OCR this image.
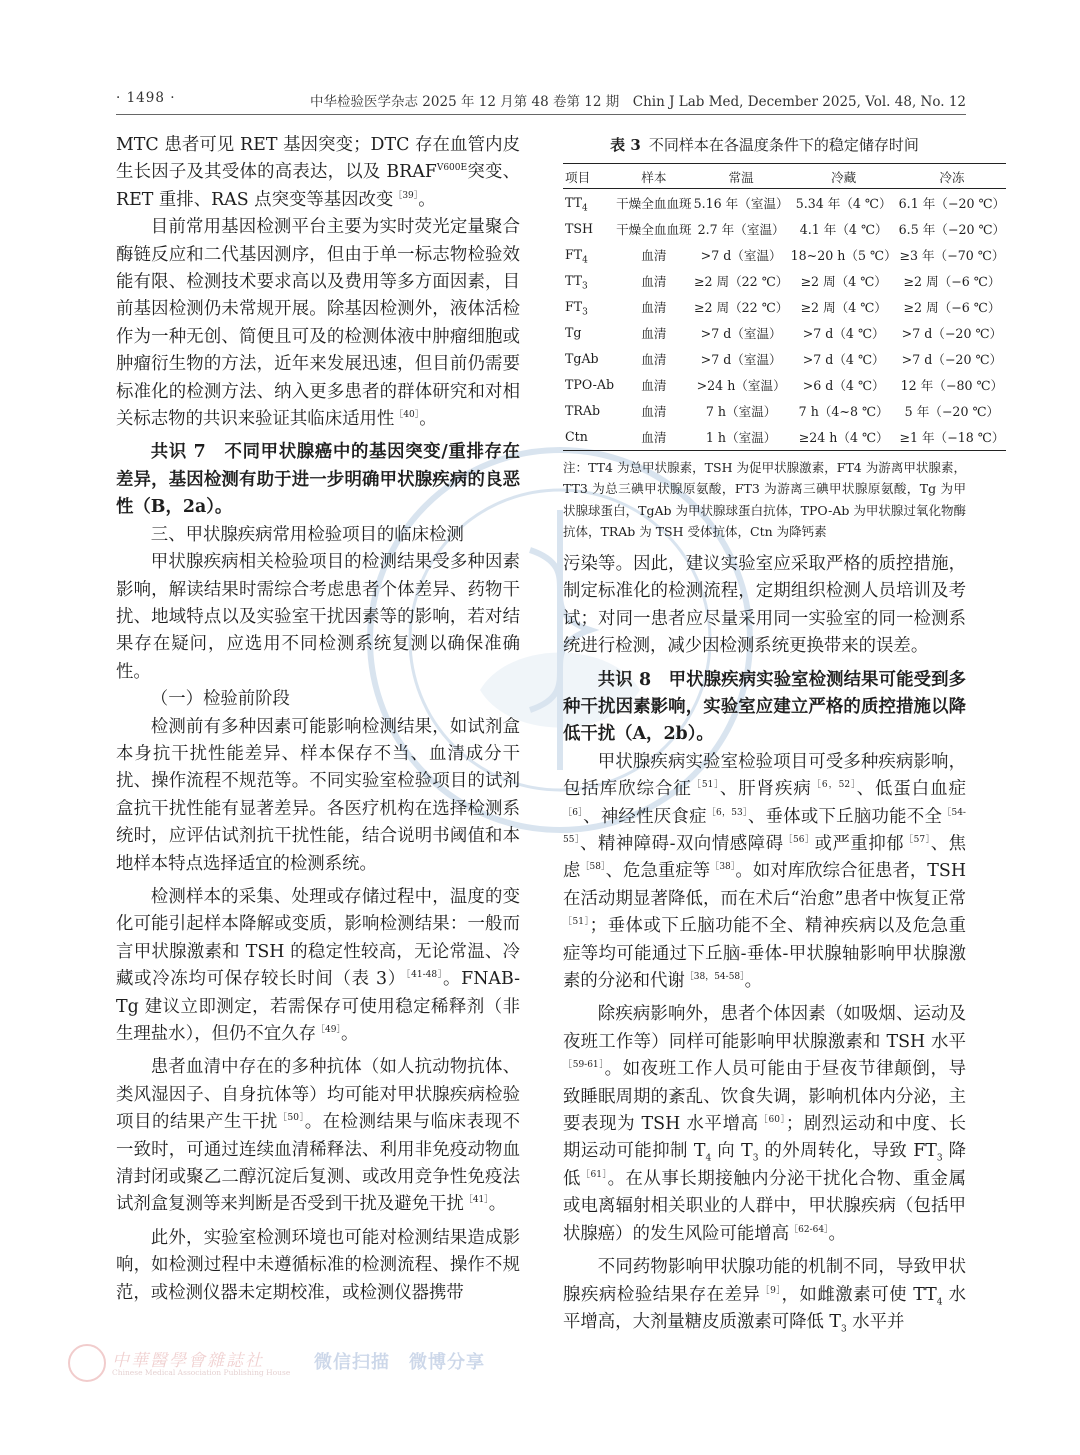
· 1498 ·	中华检验医学杂志 2025 年 12 月第 48 卷第 12 期　Chin J Lab Med, December 2025, Vol. 48, No. 12

MTC 患者可见 RET 基因突变；DTC 存在血管内皮生长因子及其受体的高表达，以及 $BRAF^{V600E}$突变、RET 重排、RAS 点突变等基因改变$^{[39]}$。

目前常用基因检测平台主要为实时荧光定量聚合酶链反应和二代基因测序，但由于单一标志物检验效能有限、检测技术要求高以及费用等多方面因素，目前基因检测仍未常规开展。除基因检测外，液体活检作为一种无创、简便且可及的检测体液中肿瘤细胞或肿瘤衍生物的方法，近年来发展迅速，但目前仍需要标准化的检测方法、纳入更多患者的群体研究和对相关标志物的共识来验证其临床适用性$^{[40]}$。

共识 7　不同甲状腺癌中的基因突变/重排存在差异，基因检测有助于进一步明确甲状腺疾病的良恶性（B，2a）。

三、甲状腺疾病常用检验项目的临床检测

甲状腺疾病相关检验项目的检测结果受多种因素影响，解读结果时需综合考虑患者个体差异、药物干扰、地域特点以及实验室干扰因素等的影响，若对结果存在疑问，应选用不同检测系统复测以确保准确性。

（一）检验前阶段

检测前有多种因素可能影响检测结果，如试剂盒本身抗干扰性能差异、样本保存不当、血清成分干扰、操作流程不规范等。不同实验室检验项目的试剂盒抗干扰性能有显著差异。各医疗机构在选择检测系统时，应评估试剂抗干扰性能，结合说明书阈值和本地样本特点选择适宜的检测系统。

检测样本的采集、处理或存储过程中，温度的变化可能引起样本降解或变质，影响检测结果：一般而言甲状腺激素和 TSH 的稳定性较高，无论常温、冷藏或冷冻均可保存较长时间（表 3）$^{[41-48]}$。FNAB-Tg 建议立即测定，若需保存可使用稳定稀释剂（非生理盐水），但仍不宜久存$^{[49]}$。

患者血清中存在的多种抗体（如人抗动物抗体、类风湿因子、自身抗体等）均可能对甲状腺疾病检验项目的结果产生干扰$^{[50]}$。在检测结果与临床表现不一致时，可通过连续血清稀释法、利用非免疫动物血清封闭或聚乙二醇沉淀后复测、或改用竞争性免疫法试剂盒复测等来判断是否受到干扰及避免干扰$^{[41]}$。

此外，实验室检测环境也可能对检测结果造成影响，如检测过程中未遵循标准的检测流程、操作不规范，或检测仪器未定期校准，或检测仪器携带

表 3 不同样本在各温度条件下的稳定储存时间
项目	样本	常温	冷藏	冷冻
$TT_4$	干燥全血血斑	5.16 年（室温）	5.34 年（4 ℃）	6.1 年（−20 ℃）
TSH	干燥全血血斑	2.7 年（室温）	4.1 年（4 ℃）	6.5 年（−20 ℃）
$FT_4$	血清	>7 d（室温）	18~20 h（5 ℃）	≥3 年（−70 ℃）
$TT_3$	血清	≥2 周（22 ℃）	≥2 周（4 ℃）	≥2 周（−6 ℃）
$FT_3$	血清	≥2 周（22 ℃）	≥2 周（4 ℃）	≥2 周（−6 ℃）
Tg	血清	>7 d（室温）	>7 d（4 ℃）	>7 d（−20 ℃）
TgAb	血清	>7 d（室温）	>7 d（4 ℃）	>7 d（−20 ℃）
TPO-Ab	血清	>24 h（室温）	>6 d（4 ℃）	12 年（−80 ℃）
TRAb	血清	7 h（室温）	7 h（4~8 ℃）	5 年（−20 ℃）
Ctn	血清	1 h（室温）	≥24 h（4 ℃）	≥1 年（−18 ℃）

注：TT4 为总甲状腺素，TSH 为促甲状腺激素，FT4 为游离甲状腺素，TT3 为总三碘甲状腺原氨酸，FT3 为游离三碘甲状腺原氨酸，Tg 为甲状腺球蛋白，TgAb 为甲状腺球蛋白抗体，TPO-Ab 为甲状腺过氧化物酶抗体，TRAb 为 TSH 受体抗体，Ctn 为降钙素

污染等。因此，建议实验室应采取严格的质控措施，制定标准化的检测流程，定期组织检测人员培训及考试；对同一患者应尽量采用同一实验室的同一检测系统进行检测，减少因检测系统更换带来的误差。

共识 8　甲状腺疾病实验室检测结果可能受到多种干扰因素影响，实验室应建立严格的质控措施以降低干扰（A，2b）。

甲状腺疾病实验室检验项目可受多种疾病影响，包括库欣综合征$^{[51]}$、肝肾疾病$^{[6,52]}$、低蛋白血症$^{[6]}$、神经性厌食症$^{[6,53]}$、垂体或下丘脑功能不全$^{[54-55]}$、精神障碍-双向情感障碍$^{[56]}$或严重抑郁$^{[57]}$、焦虑$^{[58]}$、危急重症等$^{[38]}$。如对库欣综合征患者，TSH 在活动期显著降低，而在术后“治愈”患者中恢复正常$^{[51]}$；垂体或下丘脑功能不全、精神疾病以及危急重症等均可能通过下丘脑-垂体-甲状腺轴影响甲状腺激素的分泌和代谢$^{[38,54-58]}$。

除疾病影响外，患者个体因素（如吸烟、运动及夜班工作等）同样可能影响甲状腺激素和 TSH 水平$^{[59-61]}$。如夜班工作人员可能由于昼夜节律颠倒，导致睡眠周期的紊乱、饮食失调，影响机体内分泌，主要表现为 TSH 水平增高$^{[60]}$；剧烈运动和中度、长期运动可能抑制 $T_4$ 向 $T_3$ 的外周转化，导致 $FT_3$ 降低$^{[61]}$。在从事长期接触内分泌干扰化合物、重金属或电离辐射相关职业的人群中，甲状腺疾病（包括甲状腺癌）的发生风险可能增高$^{[62-64]}$。

不同药物影响甲状腺功能的机制不同，导致甲状腺疾病检验结果存在差异$^{[9]}$，如雌激素可使 $TT_4$ 水平增高，大剂量糖皮质激素可降低 $T_3$ 水平并

中華醫學會雜誌社
Chinese Medical Association Publishing House 微信扫描　微博分享
